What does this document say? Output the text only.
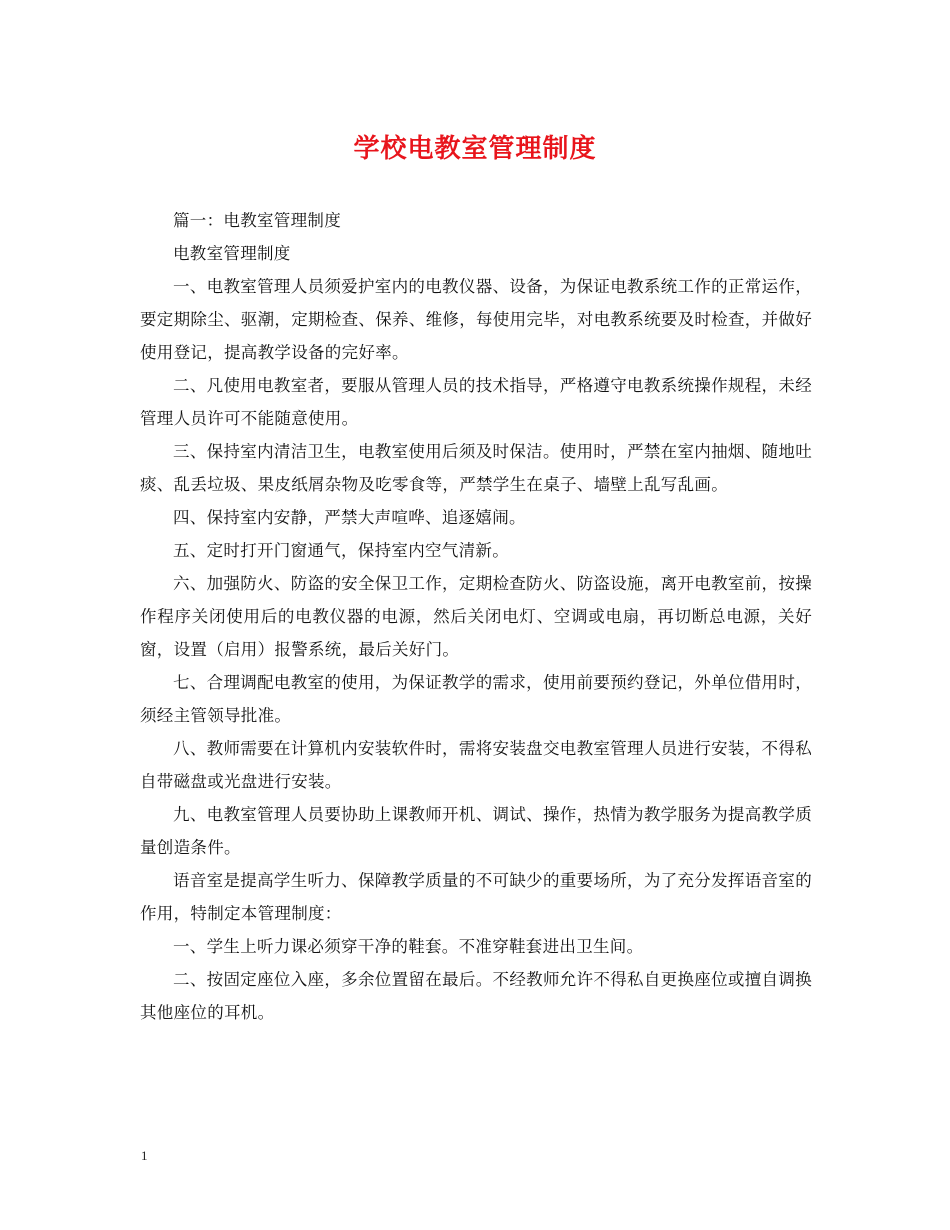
学校电教室管理制度

篇一：电教室管理制度

电教室管理制度

一、电教室管理人员须爱护室内的电教仪器、设备，为保证电教系统工作的正常运作，要定期除尘、驱潮，定期检查、保养、维修，每使用完毕，对电教系统要及时检查，并做好使用登记，提高教学设备的完好率。

二、凡使用电教室者，要服从管理人员的技术指导，严格遵守电教系统操作规程，未经管理人员许可不能随意使用。

三、保持室内清洁卫生，电教室使用后须及时保洁。使用时，严禁在室内抽烟、随地吐痰、乱丢垃圾、果皮纸屑杂物及吃零食等，严禁学生在桌子、墙壁上乱写乱画。

四、保持室内安静，严禁大声喧哗、追逐嬉闹。

五、定时打开门窗通气，保持室内空气清新。

六、加强防火、防盗的安全保卫工作，定期检查防火、防盗设施，离开电教室前，按操作程序关闭使用后的电教仪器的电源，然后关闭电灯、空调或电扇，再切断总电源，关好窗，设置（启用）报警系统，最后关好门。

七、合理调配电教室的使用，为保证教学的需求，使用前要预约登记，外单位借用时，须经主管领导批准。

八、教师需要在计算机内安装软件时，需将安装盘交电教室管理人员进行安装，不得私自带磁盘或光盘进行安装。

九、电教室管理人员要协助上课教师开机、调试、操作，热情为教学服务为提高教学质量创造条件。

语音室是提高学生听力、保障教学质量的不可缺少的重要场所，为了充分发挥语音室的作用，特制定本管理制度：

一、学生上听力课必须穿干净的鞋套。不准穿鞋套进出卫生间。

二、按固定座位入座，多余位置留在最后。不经教师允许不得私自更换座位或擅自调换其他座位的耳机。

1
